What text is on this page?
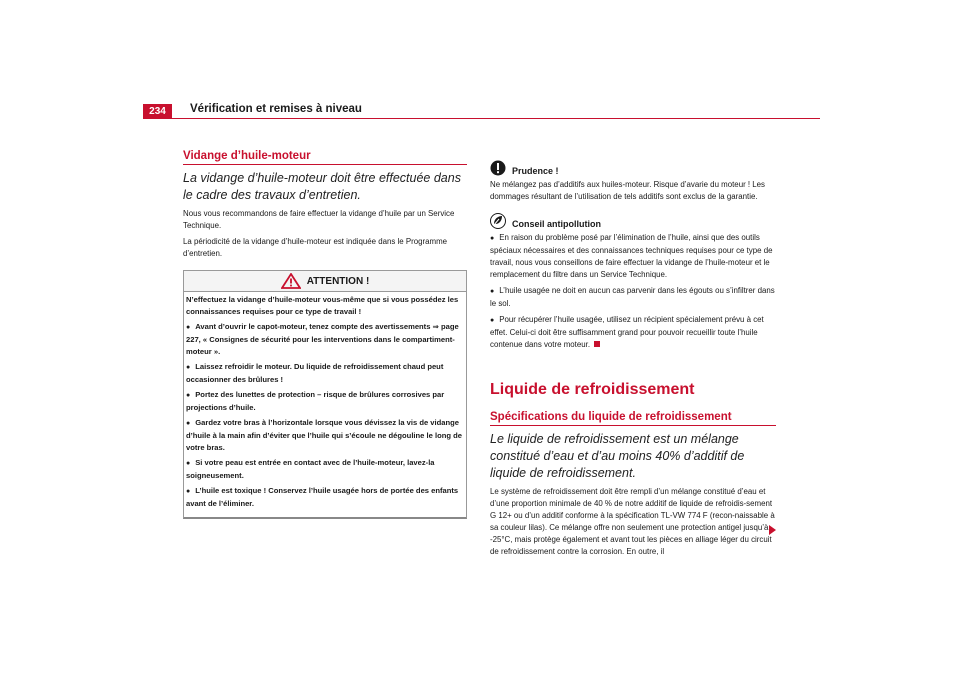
234	Vérification et remises à niveau
Vidange d’huile-moteur

La vidange d’huile-moteur doit être effectuée dans le cadre des travaux d’entretien.

Nous vous recommandons de faire effectuer la vidange d’huile par un Service Technique.

La périodicité de la vidange d’huile-moteur est indiquée dans le Programme d’entretien.

ATTENTION !

N’effectuez la vidange d’huile-moteur vous-même que si vous possédez les connaissances requises pour ce type de travail !

● Avant d’ouvrir le capot-moteur, tenez compte des avertissements ⇒ page 227, « Consignes de sécurité pour les interventions dans le compartiment-moteur ».

● Laissez refroidir le moteur. Du liquide de refroidissement chaud peut occasionner des brûlures !

● Portez des lunettes de protection – risque de brûlures corrosives par projections d’huile.

● Gardez votre bras à l’horizontale lorsque vous dévissez la vis de vidange d’huile à la main afin d’éviter que l’huile qui s’écoule ne dégouline le long de votre bras.

● Si votre peau est entrée en contact avec de l’huile-moteur, lavez-la soigneusement.

● L’huile est toxique ! Conservez l’huile usagée hors de portée des enfants avant de l’éliminer.

Prudence !

Ne mélangez pas d’additifs aux huiles-moteur. Risque d’avarie du moteur ! Les dommages résultant de l’utilisation de tels additifs sont exclus de la garantie.

Conseil antipollution

● En raison du problème posé par l’élimination de l’huile, ainsi que des outils spéciaux nécessaires et des connaissances techniques requises pour ce type de travail, nous vous conseillons de faire effectuer la vidange de l’huile-moteur et le remplacement du filtre dans un Service Technique.

● L’huile usagée ne doit en aucun cas parvenir dans les égouts ou s’infiltrer dans le sol.

● Pour récupérer l’huile usagée, utilisez un récipient spécialement prévu à cet effet. Celui-ci doit être suffisamment grand pour pouvoir recueillir toute l’huile contenue dans votre moteur.

Liquide de refroidissement
Spécifications du liquide de refroidissement

Le liquide de refroidissement est un mélange constitué d’eau et d’au moins 40% d’additif de liquide de refroidissement.

Le système de refroidissement doit être rempli d’un mélange constitué d’eau et d’une proportion minimale de 40 % de notre additif de liquide de refroidis-sement G 12+ ou d’un additif conforme à la spécification TL-VW 774 F (recon-naissable à sa couleur lilas). Ce mélange offre non seulement une protection antigel jusqu’à -25°C, mais protège également et avant tout les pièces en alliage léger du circuit de refroidissement contre la corrosion. En outre, il
